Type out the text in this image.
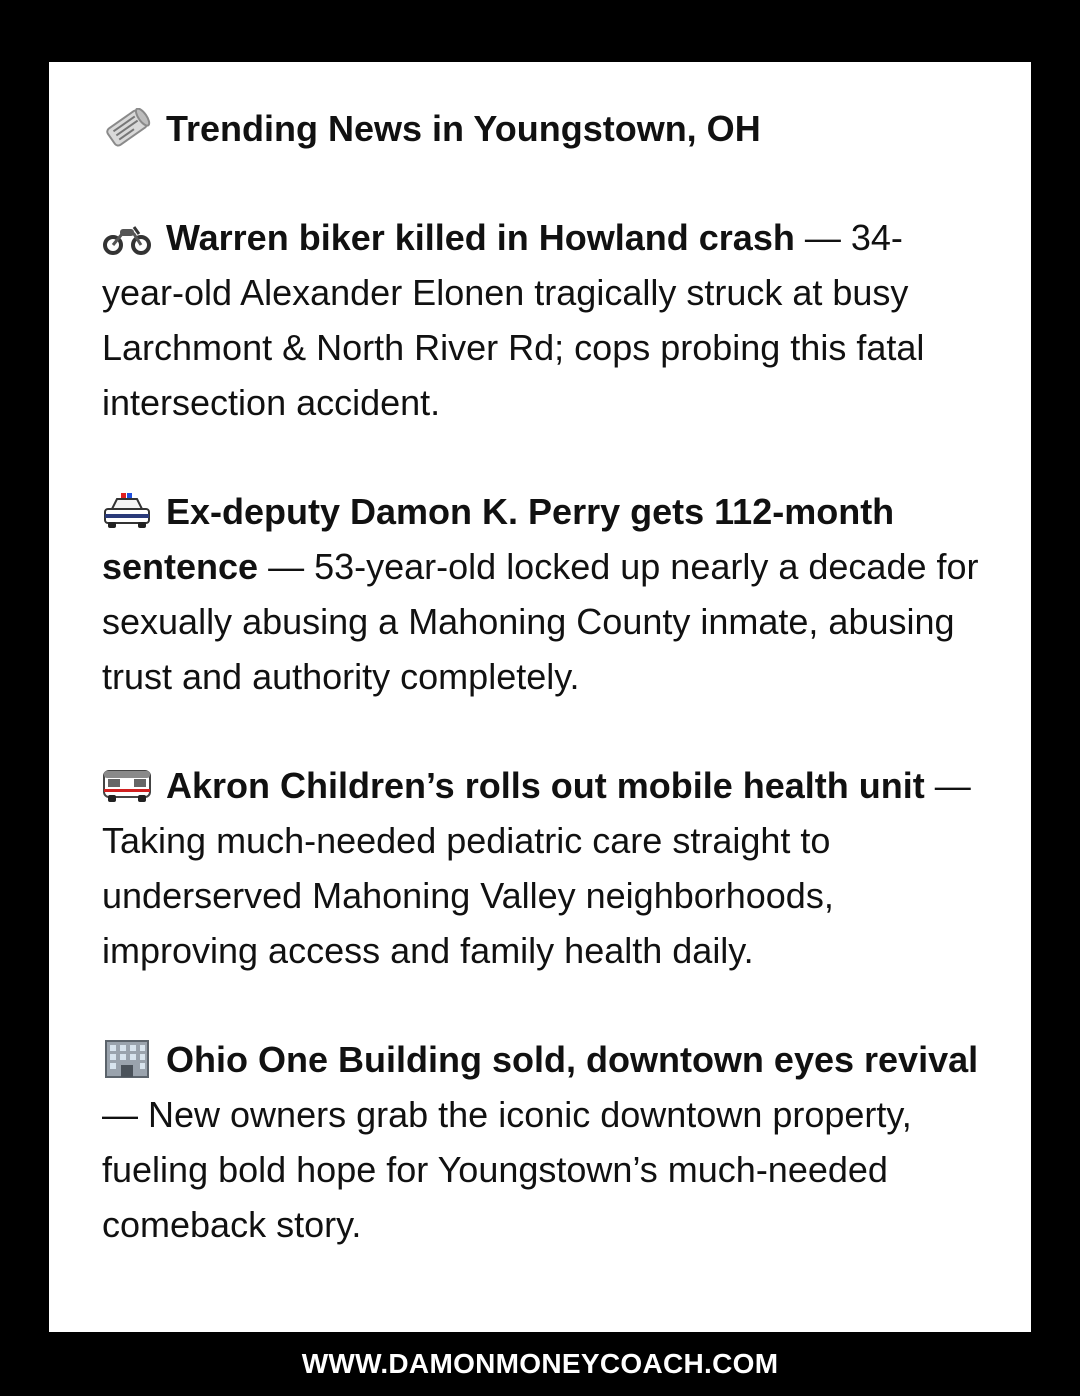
Trending News in Youngstown, OH

Warren biker killed in Howland crash — 34-year-old Alexander Elonen tragically struck at busy Larchmont & North River Rd; cops probing this fatal intersection accident.

Ex-deputy Damon K. Perry gets 112-month sentence — 53-year-old locked up nearly a decade for sexually abusing a Mahoning County inmate, abusing trust and authority completely.

Akron Children’s rolls out mobile health unit — Taking much-needed pediatric care straight to underserved Mahoning Valley neighborhoods, improving access and family health daily.

Ohio One Building sold, downtown eyes revival — New owners grab the iconic downtown property, fueling bold hope for Youngstown’s much-needed comeback story.

WWW.DAMONMONEYCOACH.COM
